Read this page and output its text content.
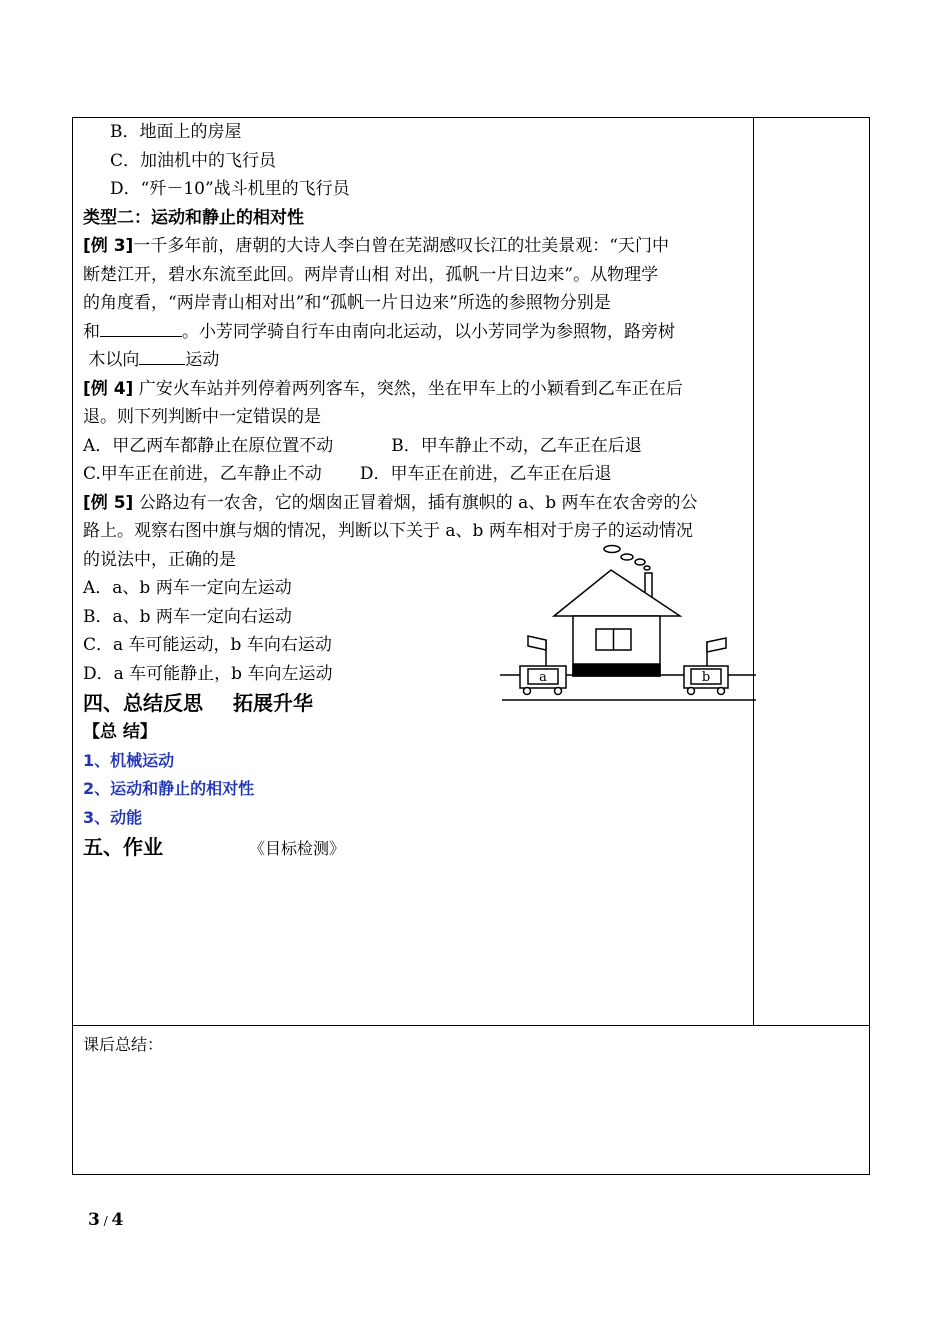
B．地面上的房屋
C．加油机中的飞行员
D．“歼－10”战斗机里的飞行员
类型二：运动和静止的相对性
[例 3]一千多年前，唐朝的大诗人李白曾在芜湖感叹长江的壮美景观：“天门中
断楚江开，碧水东流至此回。两岸青山相 对出，孤帆一片日边来”。从物理学
的角度看，“两岸青山相对出”和“孤帆一片日边来”所选的参照物分别是
和	。小芳同学骑自行车由南向北运动，以小芳同学为参照物，路旁树
木以向	运动
[例 4] 广安火车站并列停着两列客车，突然，坐在甲车上的小颖看到乙车正在后
退。则下列判断中一定错误的是
A．甲乙两车都静止在原位置不动	B．甲车静止不动，乙车正在后退
C.甲车正在前进，乙车静止不动 D．甲车正在前进，乙车正在后退
[例 5] 公路边有一农舍，它的烟囱正冒着烟，插有旗帜的 a、b 两车在农舍旁的公
路上。观察右图中旗与烟的情况，判断以下关于 a、b 两车相对于房子的运动情况
的说法中，正确的是
A．a、b 两车一定向左运动
B．a、b 两车一定向右运动
C．a 车可能运动，b 车向右运动
D．a 车可能静止，b 车向左运动
四、总结反思 拓展升华
【总 结】
1、机械运动
2、运动和静止的相对性
3、动能
五、作业	《目标检测》
a	b
课后总结：
3 / 4
